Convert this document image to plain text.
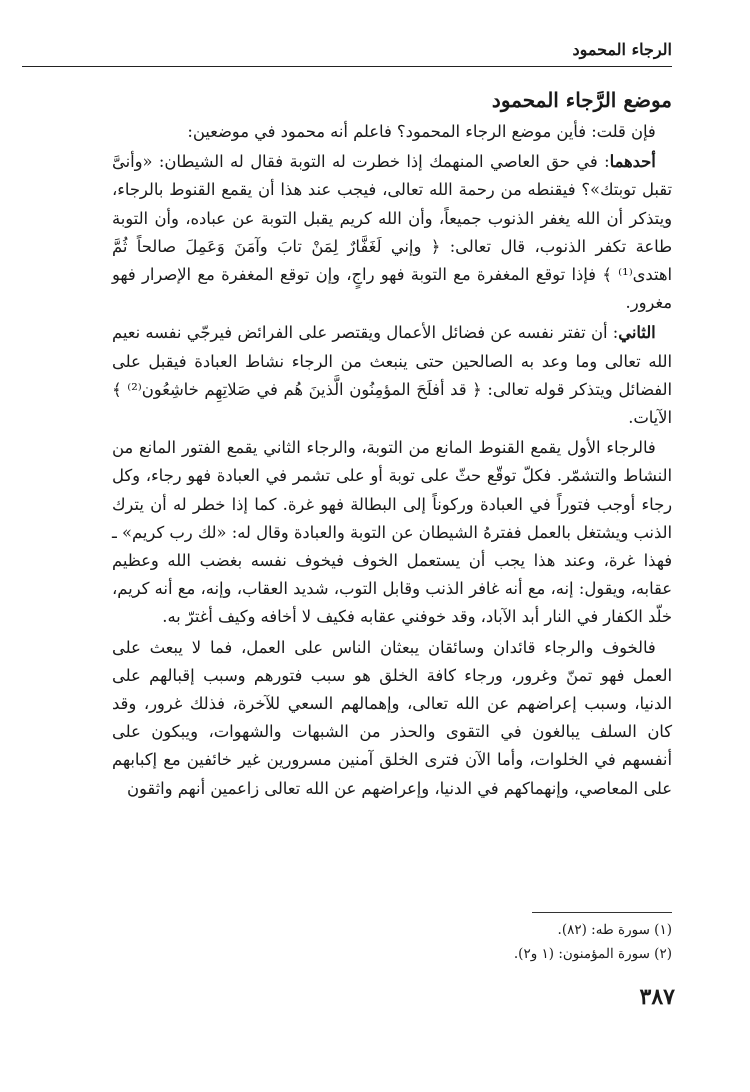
الرجاء المحمود
موضع الرَّجاء المحمود

 فإن قلت: فأين موضع الرجاء المحمود؟ فاعلم أنه محمود في موضعين:

 أحدهما: في حق العاصي المنهمك إذا خطرت له التوبة فقال له الشيطان: «وأنىَّ تقبل توبتك»؟ فيقنطه من رحمة الله تعالى، فيجب عند هذا أن يقمع القنوط بالرجاء، ويتذكر أن الله يغفر الذنوب جميعاً، وأن الله كريم يقبل التوبة عن عباده، وأن التوبة طاعة تكفر الذنوب، قال تعالى: ﴿ وإني لَغَفَّارٌ لِمَنْ تابَ وآمَنَ وَعَمِلَ صالحاً ثُمَّ اهتدى⁽¹⁾ ﴾ فإذا توقع المغفرة مع التوبة فهو راجٍ، وإن توقع المغفرة مع الإصرار فهو مغرور.

 الثاني: أن تفتر نفسه عن فضائل الأعمال ويقتصر على الفرائض فيرجّي نفسه نعيم الله تعالى وما وعد به الصالحين حتى ينبعث من الرجاء نشاط العبادة فيقبل على الفضائل ويتذكر قوله تعالى: ﴿ قد أفلَحَ المؤمِنُون الَّذينَ هُم في صَلاتِهِم خاشِعُون⁽²⁾ ﴾ الآيات.

 فالرجاء الأول يقمع القنوط المانع من التوبة، والرجاء الثاني يقمع الفتور المانع من النشاط والتشمّر. فكلّ توقّع حثّ على توبة أو على تشمر في العبادة فهو رجاء، وكل رجاء أوجب فتوراً في العبادة وركوناً إلى البطالة فهو غرة. كما إذا خطر له أن يترك الذنب ويشتغل بالعمل ففترهُ الشيطان عن التوبة والعبادة وقال له: «لك رب كريم» ـ فهذا غرة، وعند هذا يجب أن يستعمل الخوف فيخوف نفسه بغضب الله وعظيم عقابه، ويقول: إنه، مع أنه غافر الذنب وقابل التوب، شديد العقاب، وإنه، مع أنه كريم، خلّد الكفار في النار أبد الآباد، وقد خوفني عقابه فكيف لا أخافه وكيف أغترّ به.

 فالخوف والرجاء قائدان وسائقان يبعثان الناس على العمل، فما لا يبعث على العمل فهو تمنّ وغرور، ورجاء كافة الخلق هو سبب فتورهم وسبب إقبالهم على الدنيا، وسبب إعراضهم عن الله تعالى، وإهمالهم السعي للآخرة، فذلك غرور، وقد كان السلف يبالغون في التقوى والحذر من الشبهات والشهوات، ويبكون على أنفسهم في الخلوات، وأما الآن فترى الخلق آمنين مسرورين غير خائفين مع إكبابهم على المعاصي، وإنهماكهم في الدنيا، وإعراضهم عن الله تعالى زاعمين أنهم واثقون

(١) سورة طه: (٨٢).
(٢) سورة المؤمنون: (١ و٢).
٣٨٧
